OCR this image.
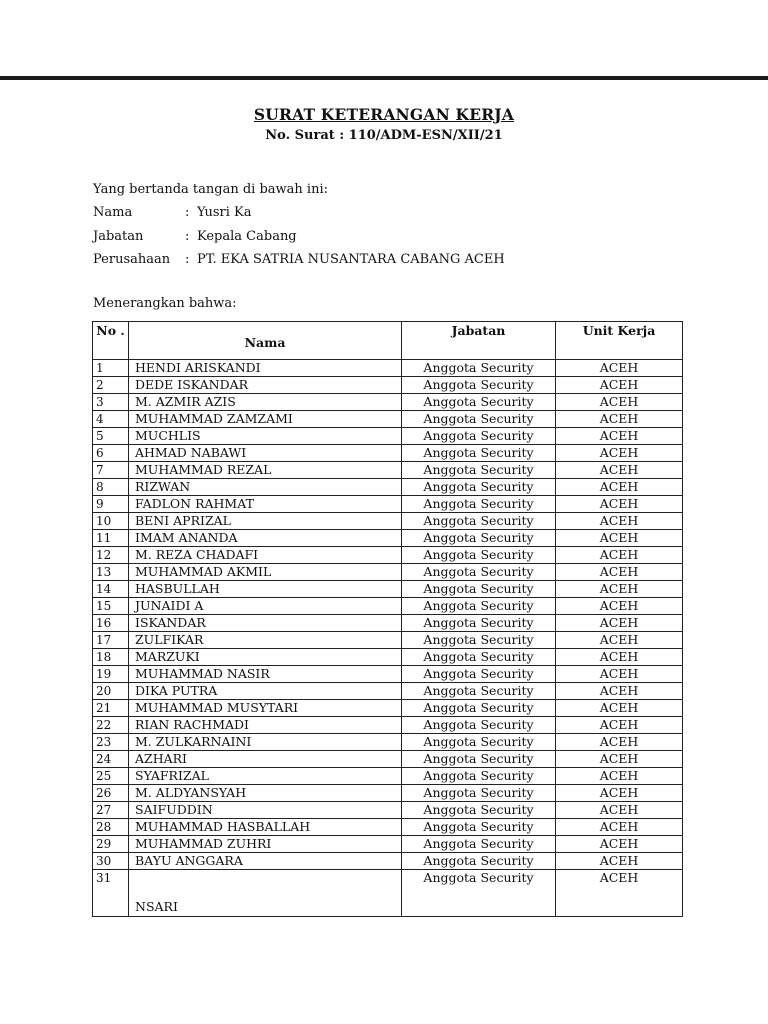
SURAT KETERANGAN KERJA
No. Surat : 110/ADM-ESN/XII/21
Yang bertanda tangan di bawah ini:
Nama	: Yusri Ka
Jabatan	: Kepala Cabang
Perusahaan	: PT. EKA SATRIA NUSANTARA CABANG ACEH
Menerangkan bahwa:
No .	Nama	Jabatan	Unit Kerja
1	HENDI ARISKANDI	Anggota Security	ACEH
2	DEDE ISKANDAR	Anggota Security	ACEH
3	M. AZMIR AZIS	Anggota Security	ACEH
4	MUHAMMAD ZAMZAMI	Anggota Security	ACEH
5	MUCHLIS	Anggota Security	ACEH
6	AHMAD NABAWI	Anggota Security	ACEH
7	MUHAMMAD REZAL	Anggota Security	ACEH
8	RIZWAN	Anggota Security	ACEH
9	FADLON RAHMAT	Anggota Security	ACEH
10	BENI APRIZAL	Anggota Security	ACEH
11	IMAM ANANDA	Anggota Security	ACEH
12	M. REZA CHADAFI	Anggota Security	ACEH
13	MUHAMMAD AKMIL	Anggota Security	ACEH
14	HASBULLAH	Anggota Security	ACEH
15	JUNAIDI A	Anggota Security	ACEH
16	ISKANDAR	Anggota Security	ACEH
17	ZULFIKAR	Anggota Security	ACEH
18	MARZUKI	Anggota Security	ACEH
19	MUHAMMAD NASIR	Anggota Security	ACEH
20	DIKA PUTRA	Anggota Security	ACEH
21	MUHAMMAD MUSYTARI	Anggota Security	ACEH
22	RIAN RACHMADI	Anggota Security	ACEH
23	M. ZULKARNAINI	Anggota Security	ACEH
24	AZHARI	Anggota Security	ACEH
25	SYAFRIZAL	Anggota Security	ACEH
26	M. ALDYANSYAH	Anggota Security	ACEH
27	SAIFUDDIN	Anggota Security	ACEH
28	MUHAMMAD HASBALLAH	Anggota Security	ACEH
29	MUHAMMAD ZUHRI	Anggota Security	ACEH
30	BAYU ANGGARA	Anggota Security	ACEH
31	NSARI	Anggota Security	ACEH
